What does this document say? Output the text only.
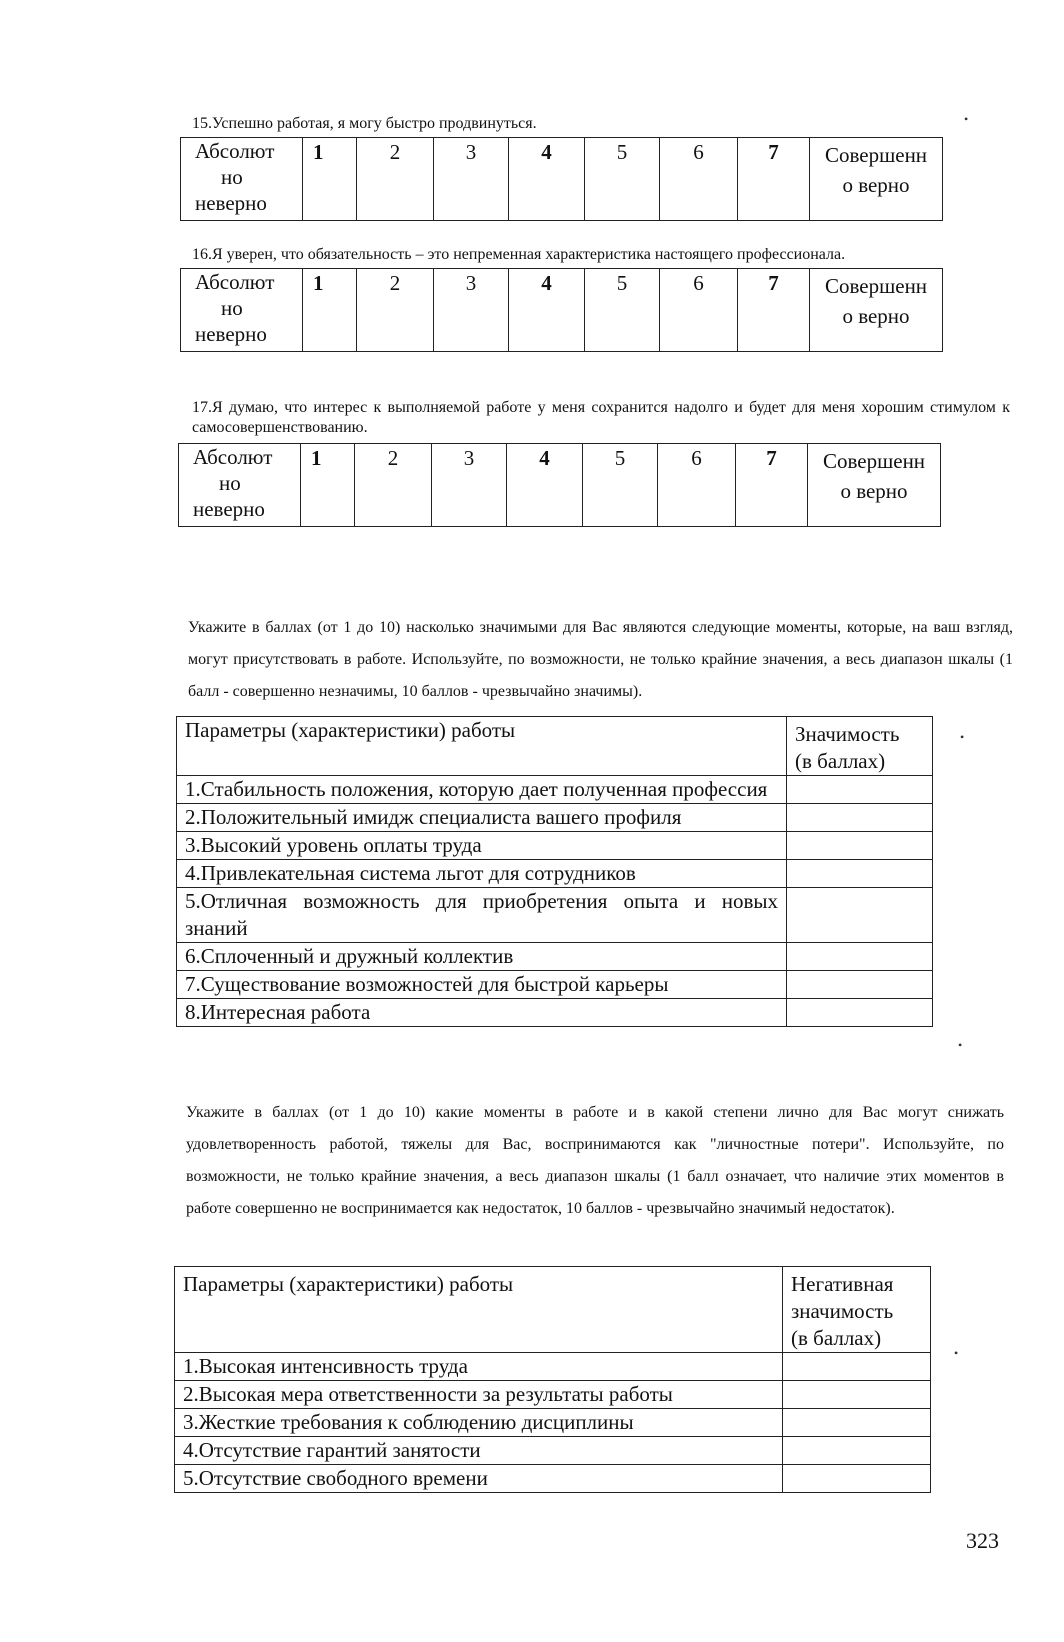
15.Успешно работая, я могу быстро продвинуться.
Абсолют
но
неверно
	1	2	3	4	5	6	7	Совершенн
о верно
16.Я уверен, что обязательность – это непременная характеристика настоящего профессионала.
Абсолют
но
неверно
	1	2	3	4	5	6	7	Совершенн
о верно
17.Я думаю, что интерес к выполняемой работе у меня сохранится надолго и будет для меня хорошим стимулом к самосовершенствованию.
Абсолют
но
неверно
	1	2	3	4	5	6	7	Совершенн
о верно
Укажите в баллах (от 1 до 10) насколько значимыми для Вас являются следующие моменты, которые, на ваш взгляд, могут присутствовать в работе. Используйте, по возможности, не только крайние значения, а весь диапазон шкалы (1 балл - совершенно незначимы, 10 баллов - чрезвычайно значимы).
Параметры (характеристики) работы	Значимость
(в баллах)

1.Стабильность положения, которую дает полученная профессия	
2.Положительный имидж специалиста вашего профиля	
3.Высокий уровень оплаты труда	
4.Привлекательная система льгот для сотрудников	
5.Отличная возможность для приобретения опыта и новых знаний	
6.Сплоченный и дружный коллектив	
7.Существование возможностей для быстрой карьеры	
8.Интересная работа	
Укажите в баллах (от 1 до 10) какие моменты в работе и в какой степени лично для Вас могут снижать удовлетворенность работой, тяжелы для Вас, воспринимаются как "личностные потери". Используйте, по возможности, не только крайние значения, а весь диапазон шкалы (1 балл означает, что наличие этих моментов в работе совершенно не воспринимается как недостаток, 10 баллов - чрезвычайно значимый недостаток).
Параметры (характеристики) работы	Негативная
значимость
(в баллах)

1.Высокая интенсивность труда	
2.Высокая мера ответственности за результаты работы	
3.Жесткие требования к соблюдению дисциплины	
4.Отсутствие гарантий занятости	
5.Отсутствие свободного времени	
323
•
•
•
•
